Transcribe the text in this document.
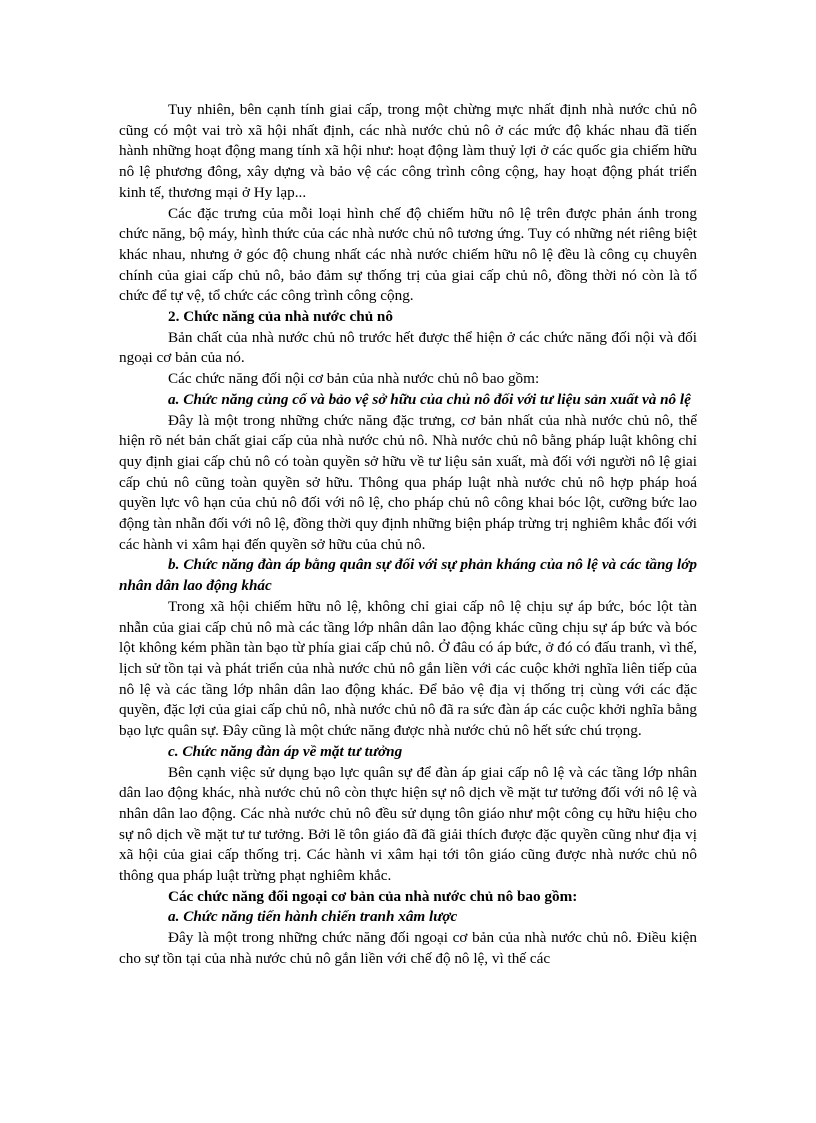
Tuy nhiên, bên cạnh tính giai cấp, trong một chừng mực nhất định nhà nước chủ nô cũng có một vai trò xã hội nhất định, các nhà nước chủ nô ở các mức độ khác nhau đã tiến hành những hoạt động mang tính xã hội như: hoạt động làm thuỷ lợi ở các quốc gia chiếm hữu nô lệ phương đông, xây dựng và bảo vệ các công trình công cộng, hay hoạt động phát triển kinh tế, thương mại ở Hy lạp...

Các đặc trưng của mỗi loại hình chế độ chiếm hữu nô lệ trên được phản ánh trong chức năng, bộ máy, hình thức của các nhà nước chủ nô tương ứng. Tuy có những nét riêng biệt khác nhau, nhưng ở góc độ chung nhất các nhà nước chiếm hữu nô lệ đều là công cụ chuyên chính của giai cấp chủ nô, bảo đảm sự thống trị của giai cấp chủ nô, đồng thời nó còn là tổ chức để tự vệ, tổ chức các công trình công cộng.

2. Chức năng của nhà nước chủ nô

Bản chất của nhà nước chủ nô trước hết được thể hiện ở các chức năng đối nội và đối ngoại cơ bản của nó.

Các chức năng đối nội cơ bản của nhà nước chủ nô bao gồm:

a. Chức năng củng cố và bảo vệ sở hữu của chủ nô đối với tư liệu sản xuất và nô lệ

Đây là một trong những chức năng đặc trưng, cơ bản nhất của nhà nước chủ nô, thể hiện rõ nét bản chất giai cấp của nhà nước chủ nô. Nhà nước chủ nô bằng pháp luật không chỉ quy định giai cấp chủ nô có toàn quyền sở hữu về tư liệu sản xuất, mà đối với người nô lệ giai cấp chủ nô cũng toàn quyền sở hữu. Thông qua pháp luật nhà nước chủ nô hợp pháp hoá quyền lực vô hạn của chủ nô đối với nô lệ, cho pháp chủ nô công khai bóc lột, cưỡng bức lao động tàn nhẫn đối với nô lệ, đồng thời quy định những biện pháp trừng trị nghiêm khắc đối với các hành vi xâm hại đến quyền sở hữu của chủ nô.

b. Chức năng đàn áp bằng quân sự đối với sự phản kháng của nô lệ và các tầng lớp nhân dân lao động khác

Trong xã hội chiếm hữu nô lệ, không chỉ giai cấp nô lệ chịu sự áp bức, bóc lột tàn nhẫn của giai cấp chủ nô mà các tầng lớp nhân dân lao động khác cũng chịu sự áp bức và bóc lột không kém phần tàn bạo từ phía giai cấp chủ nô. Ở đâu có áp bức, ở đó có đấu tranh, vì thế, lịch sử tồn tại và phát triển của nhà nước chủ nô gắn liền với các cuộc khởi nghĩa liên tiếp của nô lệ và các tầng lớp nhân dân lao động khác. Để bảo vệ địa vị thống trị cùng với các đặc quyền, đặc lợi của giai cấp chủ nô, nhà nước chủ nô đã ra sức đàn áp các cuộc khởi nghĩa bằng bạo lực quân sự. Đây cũng là một chức năng được nhà nước chủ nô hết sức chú trọng.

c. Chức năng đàn áp về mặt tư tưởng

Bên cạnh việc sử dụng bạo lực quân sự để đàn áp giai cấp nô lệ và các tầng lớp nhân dân lao động khác, nhà nước chủ nô còn thực hiện sự nô dịch về mặt tư tưởng đối với nô lệ và nhân dân lao động. Các nhà nước chủ nô đều sử dụng tôn giáo như một công cụ hữu hiệu cho sự nô dịch về mặt tư tư tưởng. Bởi lẽ tôn giáo đã đã giải thích được đặc quyền cũng như địa vị xã hội của giai cấp thống trị. Các hành vi xâm hại tới tôn giáo cũng được nhà nước chủ nô thông qua pháp luật trừng phạt nghiêm khắc.

Các chức năng đối ngoại cơ bản của nhà nước chủ nô bao gồm:

a. Chức năng tiến hành chiến tranh xâm lược

Đây là một trong những chức năng đối ngoại cơ bản của nhà nước chủ nô. Điều kiện cho sự tồn tại của nhà nước chủ nô gắn liền với chế độ nô lệ, vì thế các
